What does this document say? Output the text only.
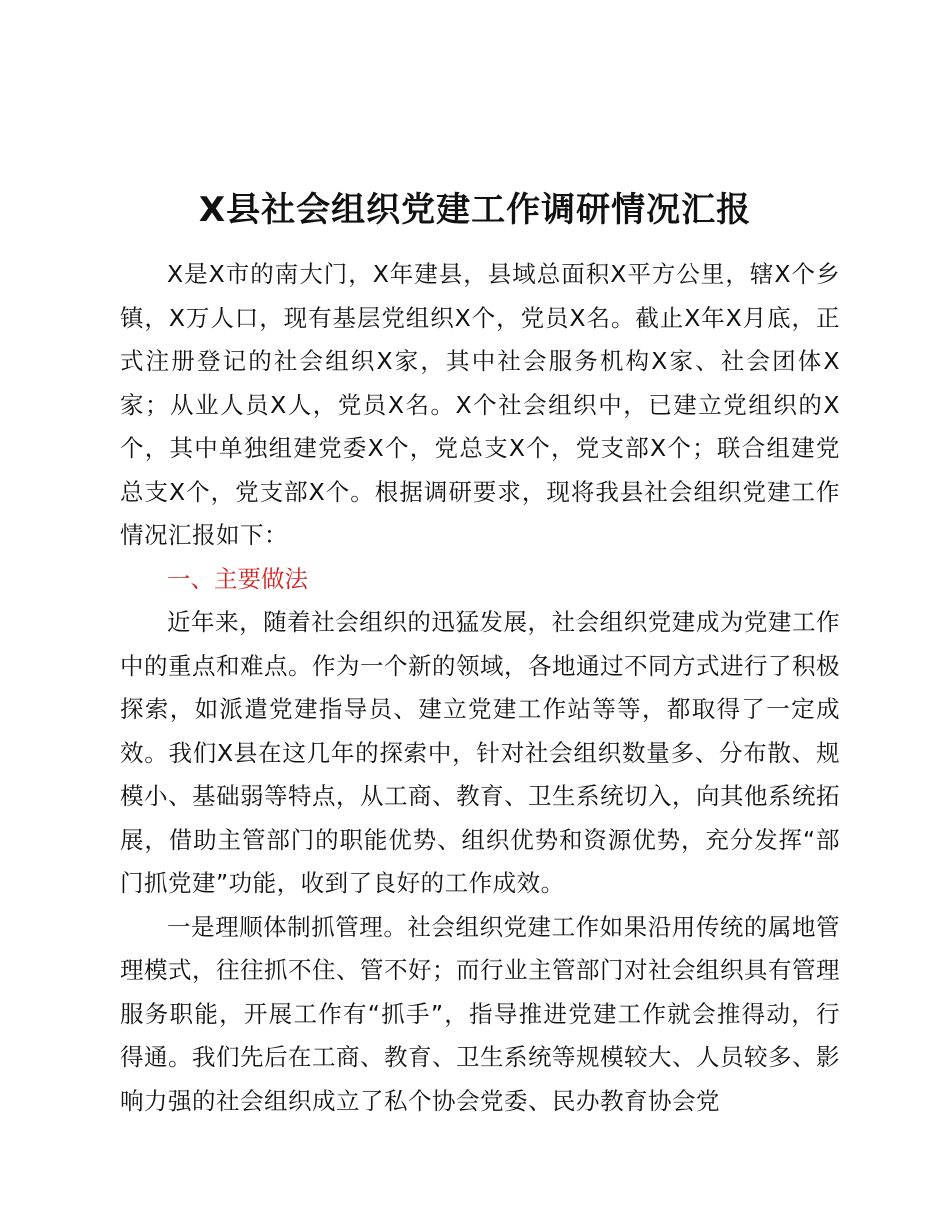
X县社会组织党建工作调研情况汇报

X是X市的南大门，X年建县，县域总面积X平方公里，辖X个乡镇，X万人口，现有基层党组织X个，党员X名。截止X年X月底，正式注册登记的社会组织X家，其中社会服务机构X家、社会团体X家；从业人员X人，党员X名。X个社会组织中，已建立党组织的X个，其中单独组建党委X个，党总支X个，党支部X个；联合组建党总支X个，党支部X个。根据调研要求，现将我县社会组织党建工作情况汇报如下：

一、主要做法

近年来，随着社会组织的迅猛发展，社会组织党建成为党建工作中的重点和难点。作为一个新的领域，各地通过不同方式进行了积极探索，如派遣党建指导员、建立党建工作站等等，都取得了一定成效。我们X县在这几年的探索中，针对社会组织数量多、分布散、规模小、基础弱等特点，从工商、教育、卫生系统切入，向其他系统拓展，借助主管部门的职能优势、组织优势和资源优势，充分发挥“部门抓党建”功能，收到了良好的工作成效。

一是理顺体制抓管理。社会组织党建工作如果沿用传统的属地管理模式，往往抓不住、管不好；而行业主管部门对社会组织具有管理服务职能，开展工作有“抓手”，指导推进党建工作就会推得动，行得通。我们先后在工商、教育、卫生系统等规模较大、人员较多、影响力强的社会组织成立了私个协会党委、民办教育协会党
